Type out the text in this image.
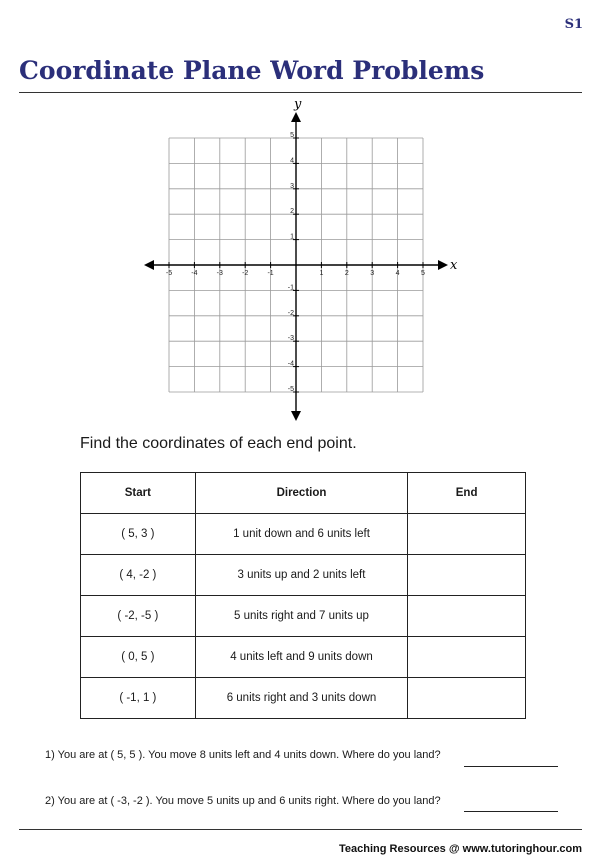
S1
Coordinate Plane Word Problems
-5	-4	-3	-2	-1	1	2	3	4	5
5
4
3
2
1
-1
-2
-3
-4
-5
x
y
Find the coordinates of each end point.
Start	Direction	End
( 5, 3 )	1 unit down and 6 units left	
( 4, -2 )	3 units up and 2 units left	
( -2, -5 )	5 units right and 7 units up	
( 0, 5 )	4 units left and 9 units down	
( -1, 1 )	6 units right and 3 units down	
1) You are at ( 5, 5 ). You move 8 units left and 4 units down. Where do you land?
2) You are at ( -3, -2 ). You move 5 units up and 6 units right. Where do you land?
Teaching Resources @ www.tutoringhour.com
